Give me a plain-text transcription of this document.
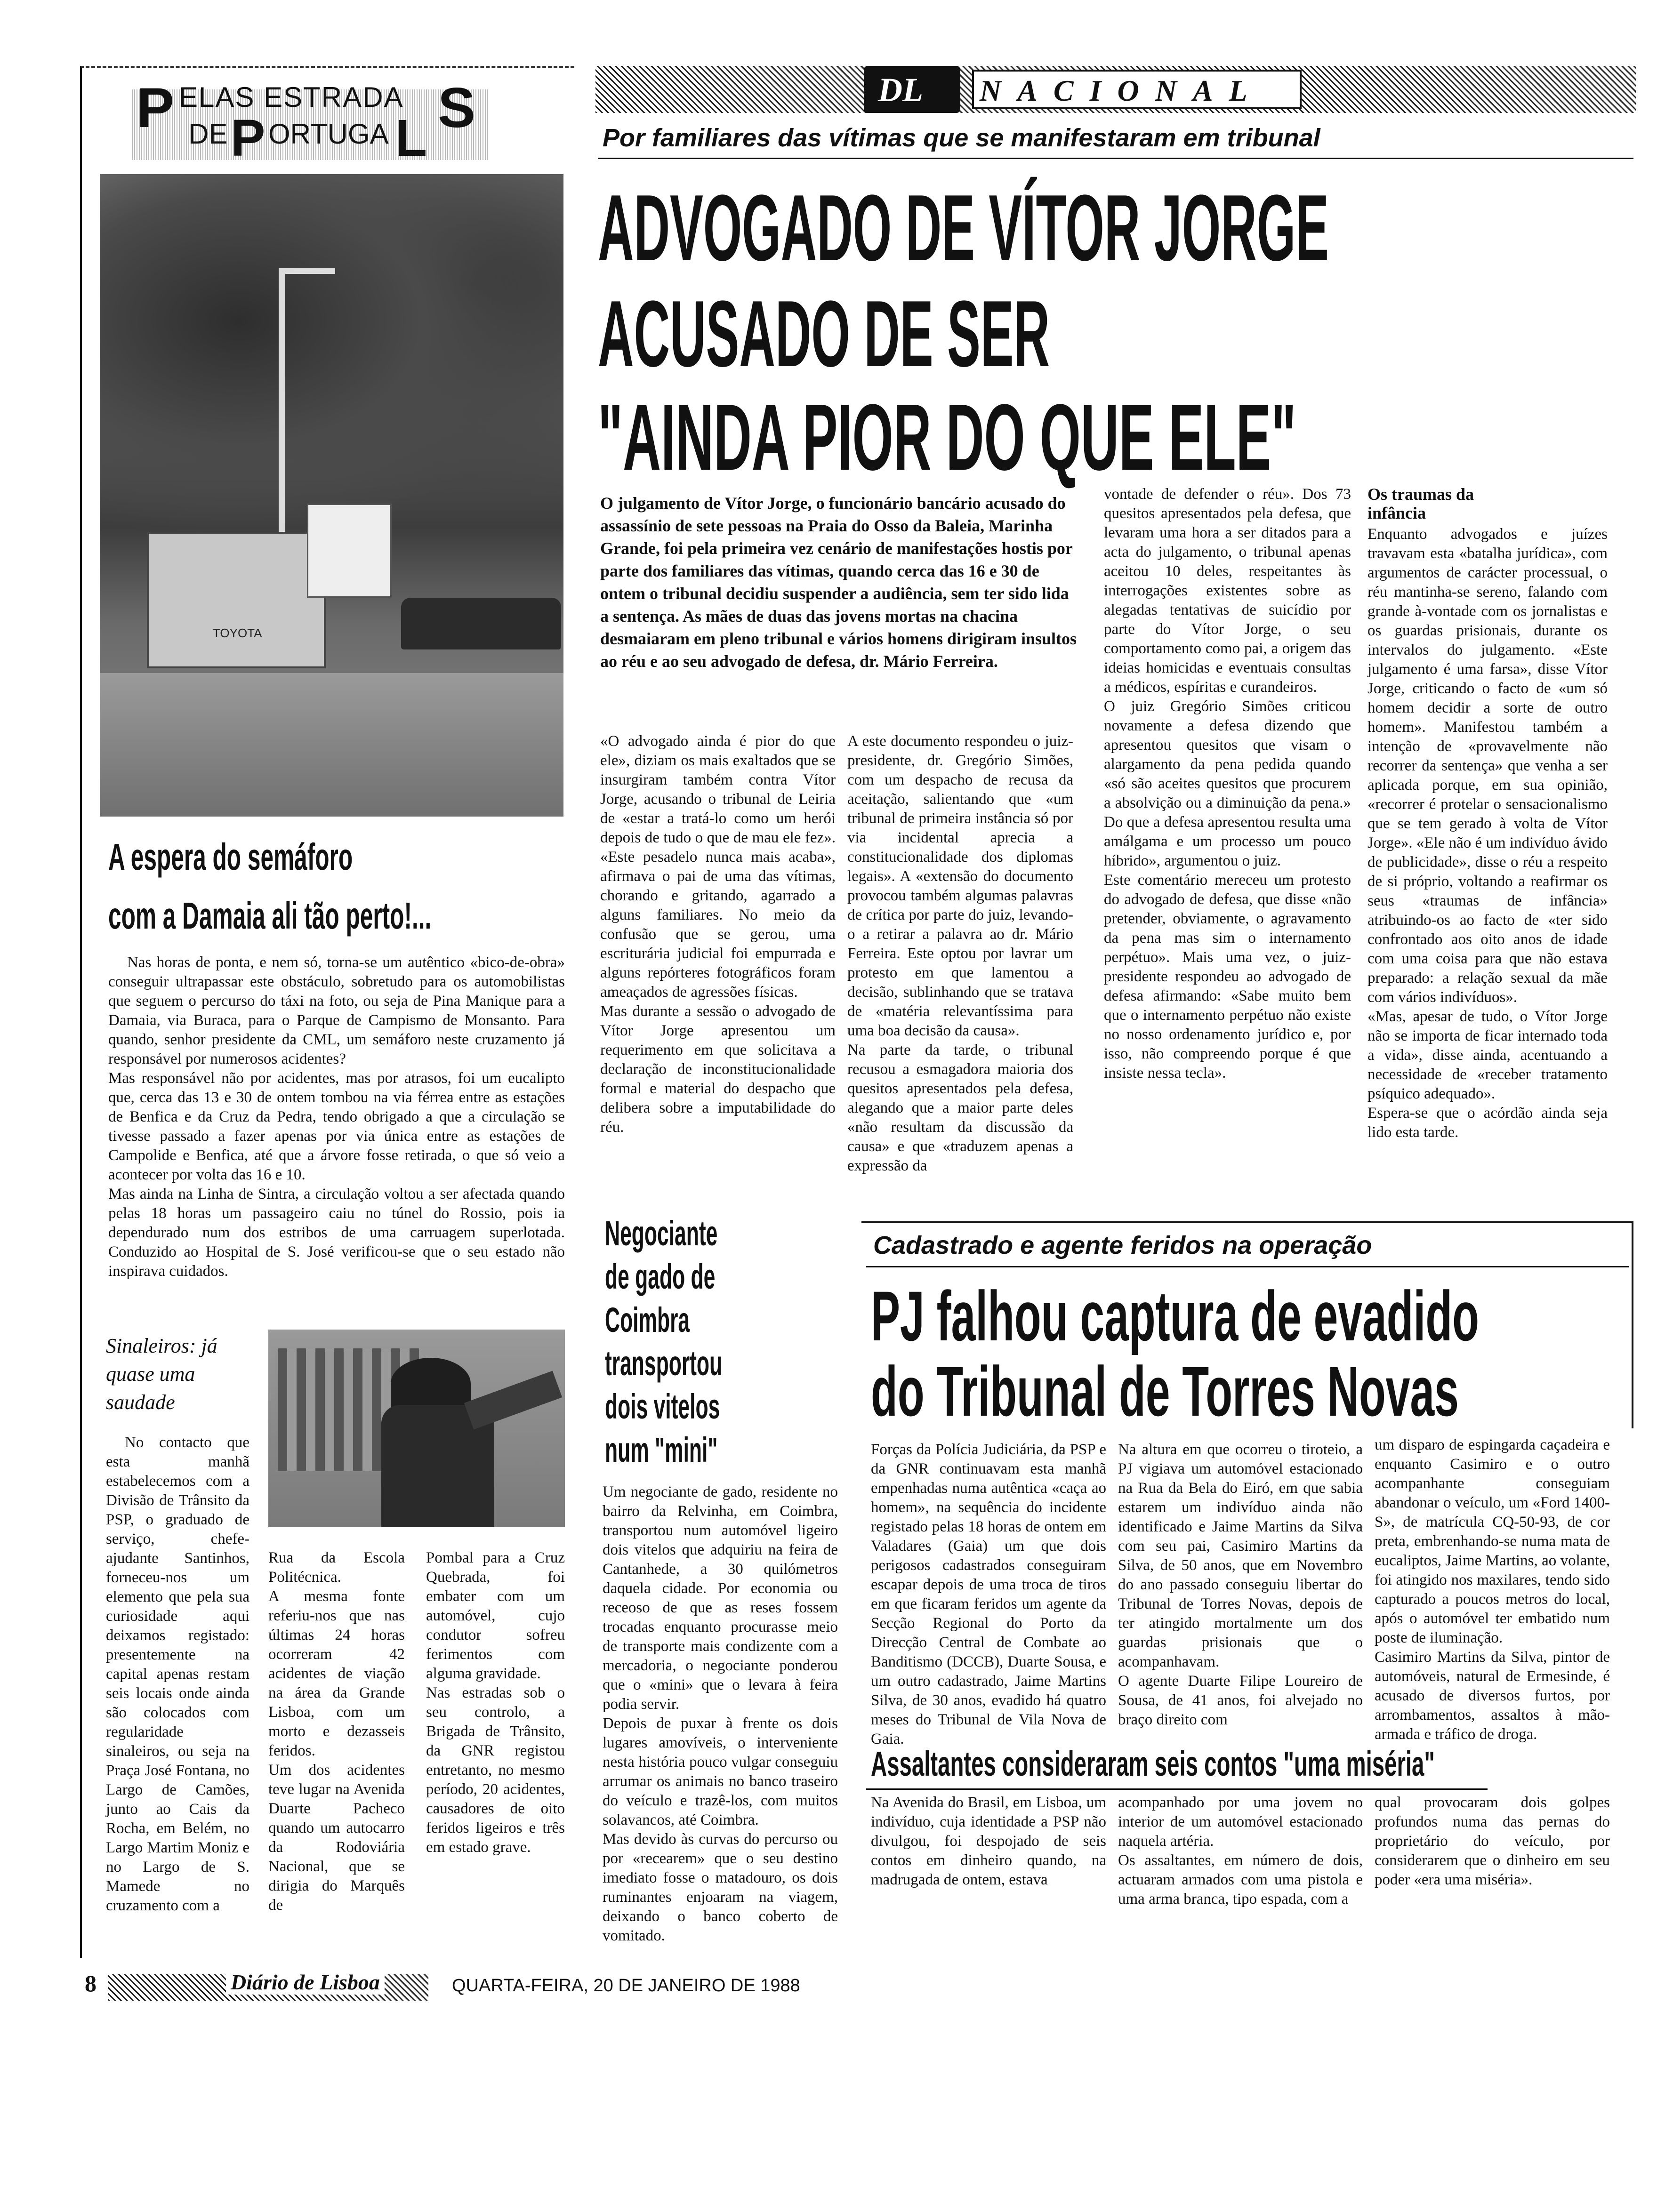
P ELAS ESTRADA S
DE P ORTUGA L
TOYOTA
A espera do semáforo
com a Damaia ali tão perto!...
Nas horas de ponta, e nem só, torna-se um autêntico «bico-de-obra» conseguir ultrapassar este obstáculo, sobretudo para os automobilistas que seguem o percurso do táxi na foto, ou seja de Pina Manique para a Damaia, via Buraca, para o Parque de Campismo de Monsanto. Para quando, senhor presidente da CML, um semáforo neste cruzamento já responsável por numerosos acidentes?
Mas responsável não por acidentes, mas por atrasos, foi um eucalipto que, cerca das 13 e 30 de ontem tombou na via férrea entre as estações de Benfica e da Cruz da Pedra, tendo obrigado a que a circulação se tivesse passado a fazer apenas por via única entre as estações de Campolide e Benfica, até que a árvore fosse retirada, o que só veio a acontecer por volta das 16 e 10.
Mas ainda na Linha de Sintra, a circulação voltou a ser afectada quando pelas 18 horas um passageiro caiu no túnel do Rossio, pois ia dependurado num dos estribos de uma carruagem superlotada. Conduzido ao Hospital de S. José verificou-se que o seu estado não inspirava cuidados.
Sinaleiros: já quase uma saudade
No contacto que esta manhã estabelecemos com a Divisão de Trânsito da PSP, o graduado de serviço, chefe-ajudante Santinhos, forneceu-nos um elemento que pela sua curiosidade aqui deixamos registado: presentemente na capital apenas restam seis locais onde ainda são colocados com regularidade sinaleiros, ou seja na Praça José Fontana, no Largo de Camões, junto ao Cais da Rocha, em Belém, no Largo Martim Moniz e no Largo de S. Mamede no cruzamento com a
Rua da Escola Politécnica.
A mesma fonte referiu-nos que nas últimas 24 horas ocorreram 42 acidentes de viação na área da Grande Lisboa, com um morto e dezasseis feridos.
Um dos acidentes teve lugar na Avenida Duarte Pacheco quando um autocarro da Rodoviária Nacional, que se dirigia do Marquês de
Pombal para a Cruz Quebrada, foi embater com um automóvel, cujo condutor sofreu ferimentos com alguma gravidade.
Nas estradas sob o seu controlo, a Brigada de Trânsito, da GNR registou entretanto, no mesmo período, 20 acidentes, causadores de oito feridos ligeiros e três em estado grave.
DL NACIONAL
Por familiares das vítimas que se manifestaram em tribunal
ADVOGADO DE VÍTOR JORGE
ACUSADO DE SER
"AINDA PIOR DO QUE ELE"
O julgamento de Vítor Jorge, o funcionário bancário acusado do assassínio de sete pessoas na Praia do Osso da Baleia, Marinha Grande, foi pela primeira vez cenário de manifestações hostis por parte dos familiares das vítimas, quando cerca das 16 e 30 de ontem o tribunal decidiu suspender a audiência, sem ter sido lida a sentença. As mães de duas das jovens mortas na chacina desmaiaram em pleno tribunal e vários homens dirigiram insultos ao réu e ao seu advogado de defesa, dr. Mário Ferreira.
«O advogado ainda é pior do que ele», diziam os mais exaltados que se insurgiram também contra Vítor Jorge, acusando o tribunal de Leiria de «estar a tratá-lo como um herói depois de tudo o que de mau ele fez». «Este pesadelo nunca mais acaba», afirmava o pai de uma das vítimas, chorando e gritando, agarrado a alguns familiares. No meio da confusão que se gerou, uma escriturária judicial foi empurrada e alguns repórteres fotográficos foram ameaçados de agressões físicas.
Mas durante a sessão o advogado de Vítor Jorge apresentou um requerimento em que solicitava a declaração de inconstitucionalidade formal e material do despacho que delibera sobre a imputabilidade do réu.
A este documento respondeu o juiz-presidente, dr. Gregório Simões, com um despacho de recusa da aceitação, salientando que «um tribunal de primeira instância só por via incidental aprecia a constitucionalidade dos diplomas legais». A «extensão do documento provocou também algumas palavras de crítica por parte do juiz, levando-o a retirar a palavra ao dr. Mário Ferreira. Este optou por lavrar um protesto em que lamentou a decisão, sublinhando que se tratava de «matéria relevantíssima para uma boa decisão da causa».
Na parte da tarde, o tribunal recusou a esmagadora maioria dos quesitos apresentados pela defesa, alegando que a maior parte deles «não resultam da discussão da causa» e que «traduzem apenas a expressão da
vontade de defender o réu». Dos 73 quesitos apresentados pela defesa, que levaram uma hora a ser ditados para a acta do julgamento, o tribunal apenas aceitou 10 deles, respeitantes às interrogações existentes sobre as alegadas tentativas de suicídio por parte do Vítor Jorge, o seu comportamento como pai, a origem das ideias homicidas e eventuais consultas a médicos, espíritas e curandeiros.
O juiz Gregório Simões criticou novamente a defesa dizendo que apresentou quesitos que visam o alargamento da pena pedida quando «só são aceites quesitos que procurem a absolvição ou a diminuição da pena.» Do que a defesa apresentou resulta uma amálgama e um processo um pouco híbrido», argumentou o juiz.
Este comentário mereceu um protesto do advogado de defesa, que disse «não pretender, obviamente, o agravamento da pena mas sim o internamento perpétuo». Mais uma vez, o juiz-presidente respondeu ao advogado de defesa afirmando: «Sabe muito bem que o internamento perpétuo não existe no nosso ordenamento jurídico e, por isso, não compreendo porque é que insiste nessa tecla».
Os traumas da infância
Enquanto advogados e juízes travavam esta «batalha jurídica», com argumentos de carácter processual, o réu mantinha-se sereno, falando com grande à-vontade com os jornalistas e os guardas prisionais, durante os intervalos do julgamento. «Este julgamento é uma farsa», disse Vítor Jorge, criticando o facto de «um só homem decidir a sorte de outro homem». Manifestou também a intenção de «provavelmente não recorrer da sentença» que venha a ser aplicada porque, em sua opinião, «recorrer é protelar o sensacionalismo que se tem gerado à volta de Vítor Jorge». «Ele não é um indivíduo ávido de publicidade», disse o réu a respeito de si próprio, voltando a reafirmar os seus «traumas de infância» atribuindo-os ao facto de «ter sido confrontado aos oito anos de idade com uma coisa para que não estava preparado: a relação sexual da mãe com vários indivíduos».
«Mas, apesar de tudo, o Vítor Jorge não se importa de ficar internado toda a vida», disse ainda, acentuando a necessidade de «receber tratamento psíquico adequado».
Espera-se que o acórdão ainda seja lido esta tarde.
Negociante de gado de Coimbra transportou dois vitelos num "mini"
Um negociante de gado, residente no bairro da Relvinha, em Coimbra, transportou num automóvel ligeiro dois vitelos que adquiriu na feira de Cantanhede, a 30 quilómetros daquela cidade. Por economia ou receoso de que as reses fossem trocadas enquanto procurasse meio de transporte mais condizente com a mercadoria, o negociante ponderou que o «mini» que o levara à feira podia servir.
Depois de puxar à frente os dois lugares amovíveis, o interveniente nesta história pouco vulgar conseguiu arrumar os animais no banco traseiro do veículo e trazê-los, com muitos solavancos, até Coimbra.
Mas devido às curvas do percurso ou por «recearem» que o seu destino imediato fosse o matadouro, os dois ruminantes enjoaram na viagem, deixando o banco coberto de vomitado.
Cadastrado e agente feridos na operação
PJ falhou captura de evadido
do Tribunal de Torres Novas
Forças da Polícia Judiciária, da PSP e da GNR continuavam esta manhã empenhadas numa autêntica «caça ao homem», na sequência do incidente registado pelas 18 horas de ontem em Valadares (Gaia) um que dois perigosos cadastrados conseguiram escapar depois de uma troca de tiros em que ficaram feridos um agente da Secção Regional do Porto da Direcção Central de Combate ao Banditismo (DCCB), Duarte Sousa, e um outro cadastrado, Jaime Martins Silva, de 30 anos, evadido há quatro meses do Tribunal de Vila Nova de Gaia.
Na altura em que ocorreu o tiroteio, a PJ vigiava um automóvel estacionado na Rua da Bela do Eiró, em que sabia estarem um indivíduo ainda não identificado e Jaime Martins da Silva com seu pai, Casimiro Martins da Silva, de 50 anos, que em Novembro do ano passado conseguiu libertar do Tribunal de Torres Novas, depois de ter atingido mortalmente um dos guardas prisionais que o acompanhavam.
O agente Duarte Filipe Loureiro de Sousa, de 41 anos, foi alvejado no braço direito com
um disparo de espingarda caçadeira e enquanto Casimiro e o outro acompanhante conseguiam abandonar o veículo, um «Ford 1400-S», de matrícula CQ-50-93, de cor preta, embrenhando-se numa mata de eucaliptos, Jaime Martins, ao volante, foi atingido nos maxilares, tendo sido capturado a poucos metros do local, após o automóvel ter embatido num poste de iluminação.
Casimiro Martins da Silva, pintor de automóveis, natural de Ermesinde, é acusado de diversos furtos, por arrombamentos, assaltos à mão-armada e tráfico de droga.
Assaltantes consideraram seis contos "uma miséria"
Na Avenida do Brasil, em Lisboa, um indivíduo, cuja identidade a PSP não divulgou, foi despojado de seis contos em dinheiro quando, na madrugada de ontem, estava
acompanhado por uma jovem no interior de um automóvel estacionado naquela artéria.
Os assaltantes, em número de dois, actuaram armados com uma pistola e uma arma branca, tipo espada, com a
qual provocaram dois golpes profundos numa das pernas do proprietário do veículo, por considerarem que o dinheiro em seu poder «era uma miséria».
8	Diário de Lisboa	QUARTA-FEIRA, 20 DE JANEIRO DE 1988
